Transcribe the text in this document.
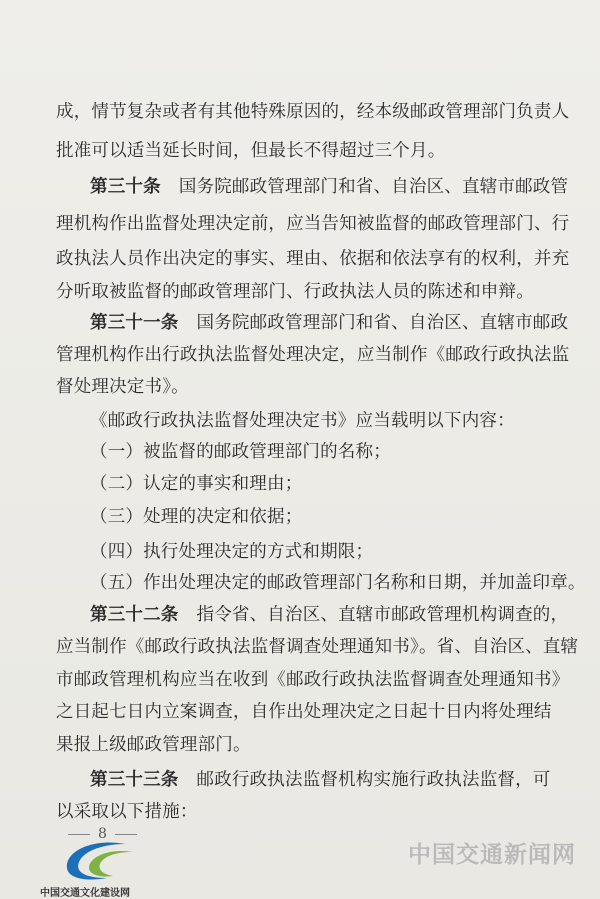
成，情节复杂或者有其他特殊原因的，经本级邮政管理部门负责人
批准可以适当延长时间，但最长不得超过三个月。
第三十条 国务院邮政管理部门和省、自治区、直辖市邮政管
理机构作出监督处理决定前，应当告知被监督的邮政管理部门、行
政执法人员作出决定的事实、理由、依据和依法享有的权利，并充
分听取被监督的邮政管理部门、行政执法人员的陈述和申辩。
第三十一条 国务院邮政管理部门和省、自治区、直辖市邮政
管理机构作出行政执法监督处理决定，应当制作《邮政行政执法监
督处理决定书》。
《邮政行政执法监督处理决定书》应当载明以下内容：
（一）被监督的邮政管理部门的名称；
（二）认定的事实和理由；
（三）处理的决定和依据；
（四）执行处理决定的方式和期限；
（五）作出处理决定的邮政管理部门名称和日期，并加盖印章。
第三十二条 指令省、自治区、直辖市邮政管理机构调查的，
应当制作《邮政行政执法监督调查处理通知书》。省、自治区、直辖
市邮政管理机构应当在收到《邮政行政执法监督调查处理通知书》
之日起七日内立案调查，自作出处理决定之日起十日内将处理结
果报上级邮政管理部门。
第三十三条 邮政行政执法监督机构实施行政执法监督，可
以采取以下措施：
8
中国交通文化建设网
中国交通新闻网
